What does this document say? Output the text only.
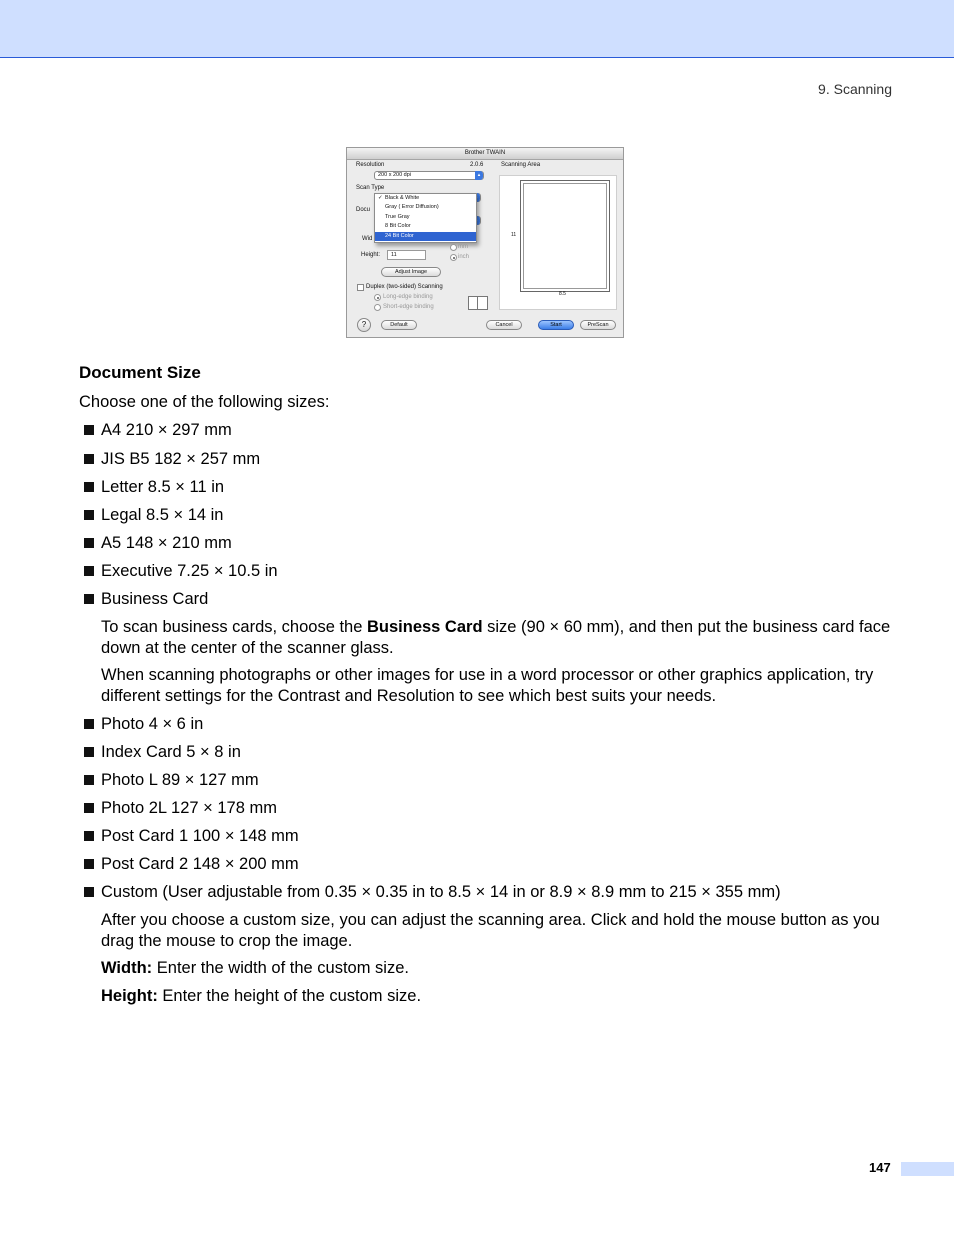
9. Scanning
Brother TWAIN
Resolution	2.0.6	Scanning Area
200 x 200 dpi	▴
Scan Type
Docu
Wid
✓ Black & White
Gray ( Error Diffusion)
True Gray
8 Bit Color
24 Bit Color
Height:	11
mm
inch
Adjust Image
Duplex (two-sided) Scanning
Long-edge binding
Short-edge binding
11
8.5
?	Default	Cancel	Start	PreScan
Document Size
Choose one of the following sizes:
A4 210 × 297 mm
JIS B5 182 × 257 mm
Letter 8.5 × 11 in
Legal 8.5 × 14 in
A5 148 × 210 mm
Executive 7.25 × 10.5 in
Business Card
To scan business cards, choose the Business Card size (90 × 60 mm), and then put the business card face down at the center of the scanner glass.
When scanning photographs or other images for use in a word processor or other graphics application, try different settings for the Contrast and Resolution to see which best suits your needs.
Photo 4 × 6 in
Index Card 5 × 8 in
Photo L 89 × 127 mm
Photo 2L 127 × 178 mm
Post Card 1 100 × 148 mm
Post Card 2 148 × 200 mm
Custom (User adjustable from 0.35 × 0.35 in to 8.5 × 14 in or 8.9 × 8.9 mm to 215 × 355 mm)
After you choose a custom size, you can adjust the scanning area. Click and hold the mouse button as you drag the mouse to crop the image.
Width: Enter the width of the custom size.
Height: Enter the height of the custom size.
147
